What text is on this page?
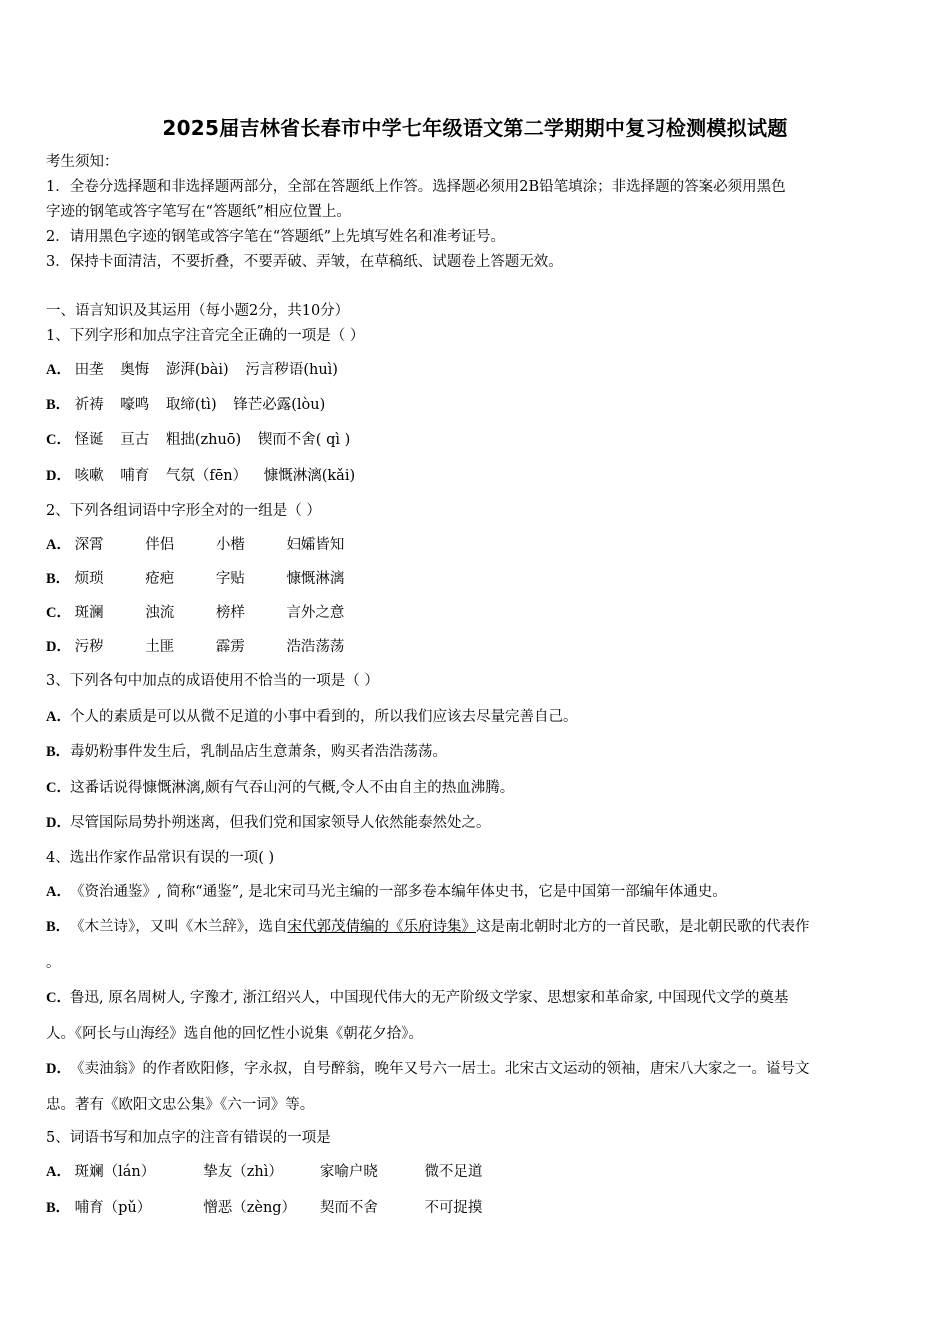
2025届吉林省长春市中学七年级语文第二学期期中复习检测模拟试题
考生须知：
1．全卷分选择题和非选择题两部分，全部在答题纸上作答。选择题必须用2B铅笔填涂；非选择题的答案必须用黑色
字迹的钢笔或答字笔写在“答题纸”相应位置上。
2．请用黑色字迹的钢笔或答字笔在“答题纸”上先填写姓名和准考证号。
3．保持卡面清洁，不要折叠，不要弄破、弄皱，在草稿纸、试题卷上答题无效。
一、语言知识及其运用（每小题2分，共10分）
1、下列字形和加点字注音完全正确的一项是（ ）
A． 田垄 奥悔 澎湃(bài) 污言秽语(huì)
B． 祈祷 嚎鸣 取缔(tì) 锋芒必露(lòu)
C． 怪诞 亘古 粗拙(zhuō) 锲而不舍( qì )
D． 咳嗽 哺育 气氛（fēn） 慷慨淋漓(kǎi)
2、下列各组词语中字形全对的一组是（ ）
A． 深霄	伴侣	小楷	妇孀皆知
B． 烦琐	疮疤	字贴	慷慨淋漓
C． 斑澜	浊流	榜样	言外之意
D． 污秽	土匪	霹雳	浩浩荡荡
3、下列各句中加点的成语使用不恰当的一项是（ ）
A．个人的素质是可以从微不足道的小事中看到的，所以我们应该去尽量完善自己。
B．毒奶粉事件发生后，乳制品店生意萧条，购买者浩浩荡荡。
C．这番话说得慷慨淋漓,颇有气吞山河的气概,令人不由自主的热血沸腾。
D．尽管国际局势扑朔迷离，但我们党和国家领导人依然能泰然处之。
4、选出作家作品常识有误的一项( )
A．《资治通鉴》, 简称“通鉴”, 是北宋司马光主编的一部多卷本编年体史书，它是中国第一部编年体通史。
B．《木兰诗》，又叫《木兰辞》，选自宋代郭茂倩编的《乐府诗集》这是南北朝时北方的一首民歌，是北朝民歌的代表作
。
C．鲁迅, 原名周树人, 字豫才, 浙江绍兴人，中国现代伟大的无产阶级文学家、思想家和革命家, 中国现代文学的奠基
人。《阿长与山海经》选自他的回忆性小说集《朝花夕拾》。
D．《卖油翁》的作者欧阳修，字永叔，自号醉翁，晚年又号六一居士。北宋古文运动的领袖，唐宋八大家之一。谥号文
忠。著有《欧阳文忠公集》《六一词》等。
5、词语书写和加点字的注音有错误的一项是
A． 斑斓（lán）	挚友（zhì）	家喻户晓	微不足道
B． 哺育（pǔ）	憎恶（zèng） 契而不舍	不可捉摸
